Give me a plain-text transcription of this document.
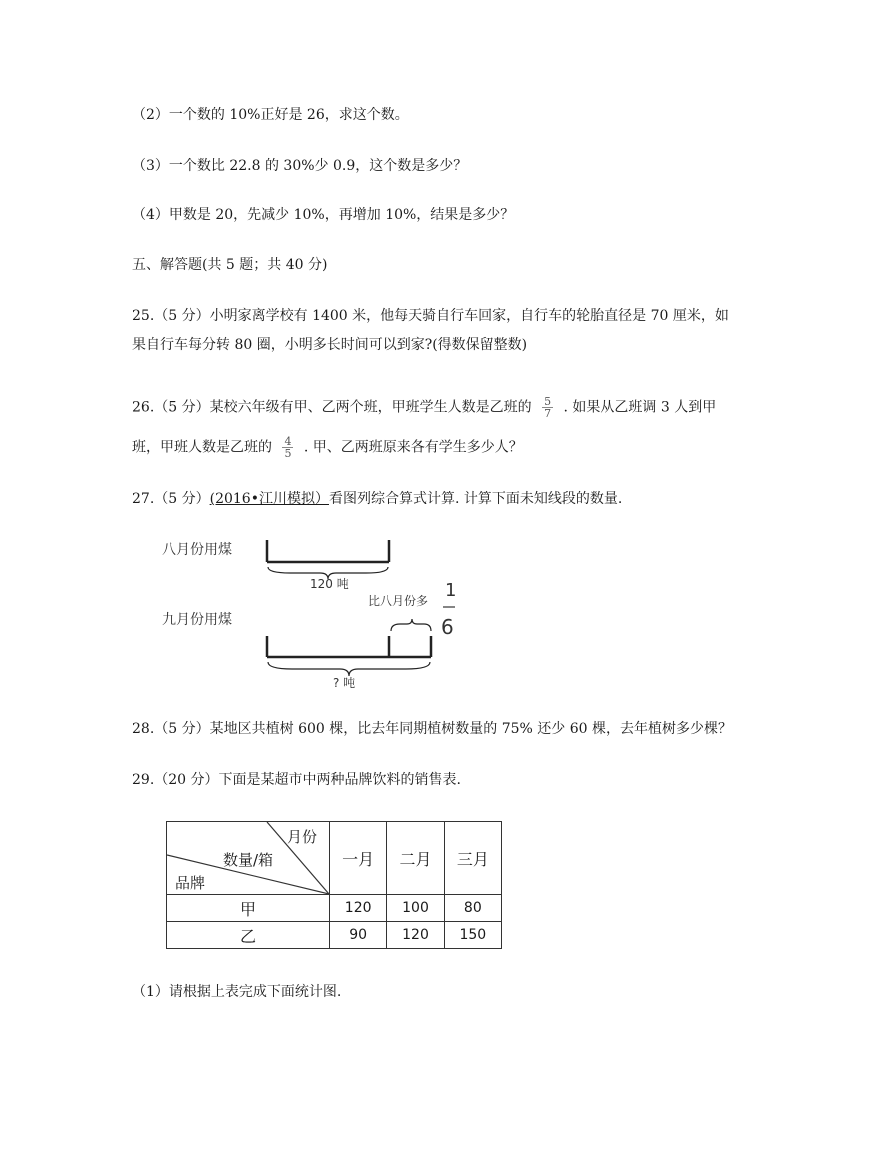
（2）一个数的 10%正好是 26，求这个数。
（3）一个数比 22.8 的 30%少 0.9，这个数是多少？
（4）甲数是 20，先减少 10%，再增加 10%，结果是多少？
五、解答题(共 5 题；共 40 分)
25.（5 分）小明家离学校有 1400 米，他每天骑自行车回家，自行车的轮胎直径是 70 厘米，如
果自行车每分转 80 圈，小明多长时间可以到家?(得数保留整数)
26.（5 分）某校六年级有甲、乙两个班，甲班学生人数是乙班的 $\frac{5}{7}$ . 如果从乙班调 3 人到甲
班，甲班人数是乙班的 $\frac{4}{5}$ . 甲、乙两班原来各有学生多少人？
27.（5 分）(2016•江川模拟）看图列综合算式计算. 计算下面未知线段的数量.
八月份用煤
120 吨
比八月份多 1
6
九月份用煤
? 吨
28.（5 分）某地区共植树 600 棵，比去年同期植树数量的 75% 还少 60 棵，去年植树多少棵？
29.（20 分）下面是某超市中两种品牌饮料的销售表.
月份
数量/箱
品牌	一月	二月	三月
甲	120	100	80
乙	90	120	150
（1）请根据上表完成下面统计图.
